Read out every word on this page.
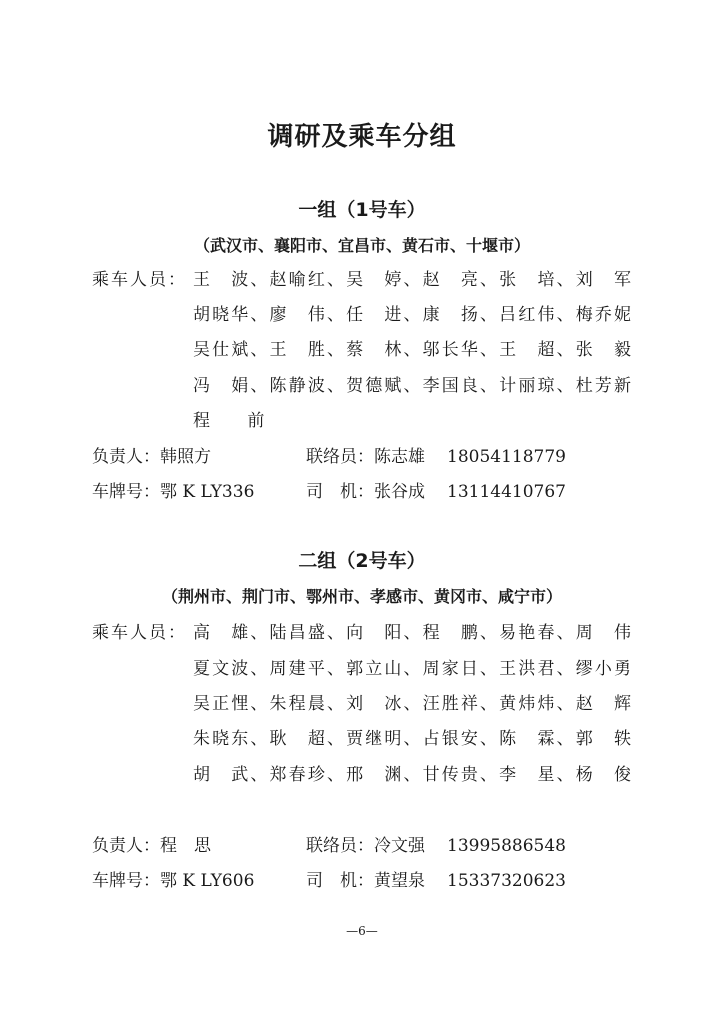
调研及乘车分组
一组（1号车）
（武汉市、襄阳市、宜昌市、黄石市、十堰市）
乘车人员： 王　波、赵喻红、吴　婷、赵　亮、张　培、刘　军
胡晓华、廖　伟、任　进、康　扬、吕红伟、梅乔妮
吴仕斌、王　胜、蔡　林、邬长华、王　超、张　毅
冯　娟、陈静波、贺德赋、李国良、计丽琼、杜芳新
程 前
负责人：韩照方	联络员：陈志雄 18054118779
车牌号：鄂 K LY336	司　机：张谷成 13114410767
二组（2号车）
（荆州市、荆门市、鄂州市、孝感市、黄冈市、咸宁市）
乘车人员： 高　雄、陆昌盛、向　阳、程　鹏、易艳春、周　伟
夏文波、周建平、郭立山、周家日、王洪君、缪小勇
吴正悝、朱程晨、刘　冰、汪胜祥、黄炜炜、赵　辉
朱晓东、耿　超、贾继明、占银安、陈　霖、郭　轶
胡　武、郑春珍、邢　渊、甘传贵、李　星、杨　俊
负责人：程　思	联络员：冷文强 13995886548
车牌号：鄂 K LY606	司　机：黄望泉 15337320623
—6—
